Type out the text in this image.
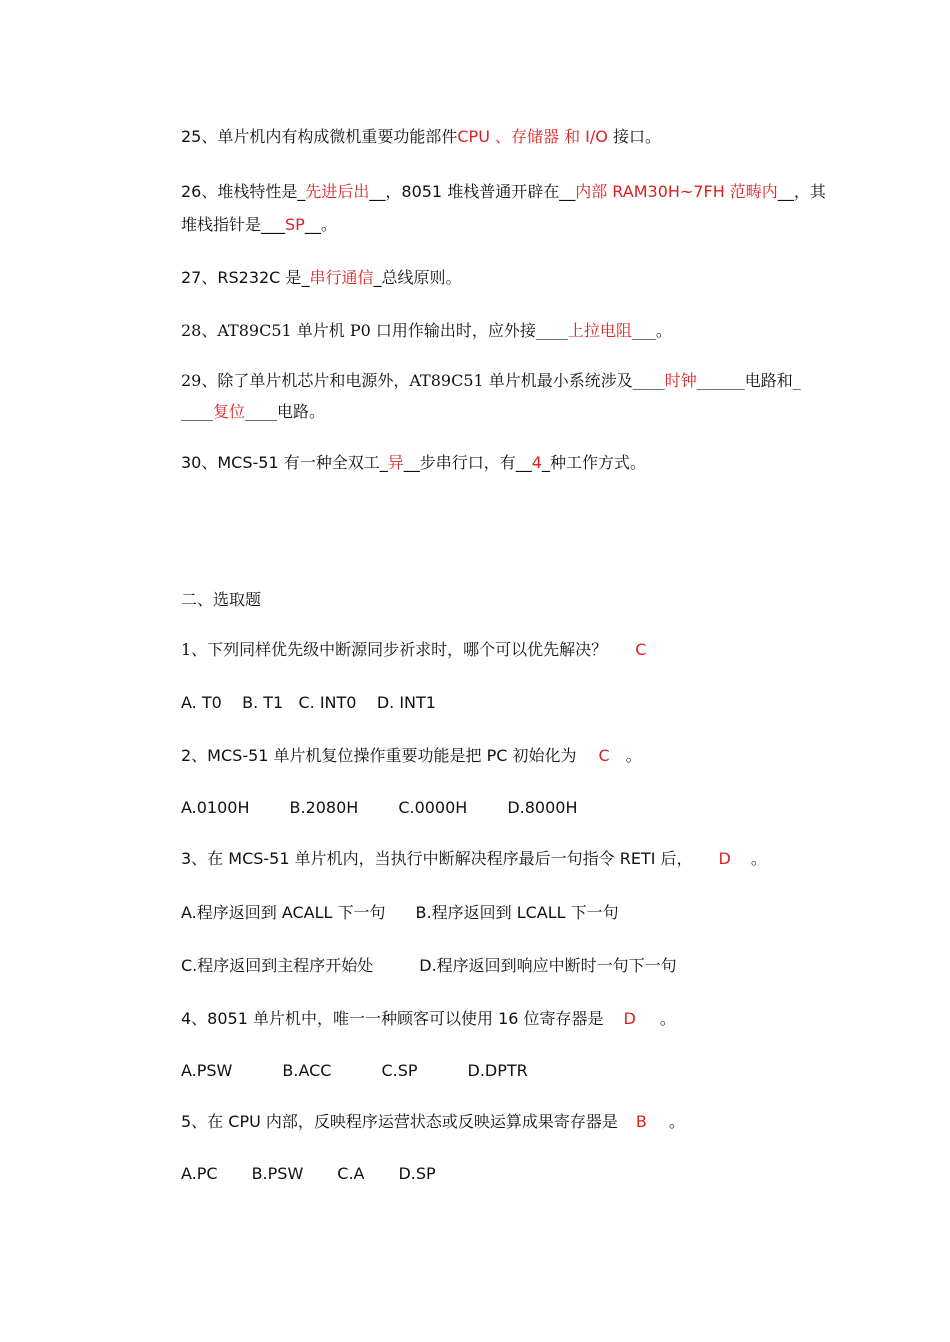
25、单片机内有构成微机重要功能部件CPU 、存储器 和 I/O 接口。
26、堆栈特性是_先进后出__，8051 堆栈普通开辟在__内部 RAM30H~7FH 范畴内__，其
堆栈指针是___SP__。
27、RS232C 是_串行通信_总线原则。
28、AT89C51 单片机 P0 口用作输出时，应外接____上拉电阻___。
29、除了单片机芯片和电源外，AT89C51 单片机最小系统涉及____时钟______电路和_
____复位____电路。
30、MCS-51 有一种全双工_异__步串行口，有__4_种工作方式。
二、选取题
1、下列同样优先级中断源同步祈求时，哪个可以优先解决？ C
A. T0    B. T1   C. INT0    D. INT1
2、MCS-51 单片机复位操作重要功能是把 PC 初始化为 C 。
A.0100H	B.2080H	C.0000H	D.8000H
3、在 MCS-51 单片机内，当执行中断解决程序最后一句指令 RETI 后， D 。
A.程序返回到 ACALL 下一句 B.程序返回到 LCALL 下一句
C.程序返回到主程序开始处	D.程序返回到响应中断时一句下一句
4、8051 单片机中，唯一一种顾客可以使用 16 位寄存器是 D 。
A.PSW	B.ACC	C.SP	D.DPTR
5、在 CPU 内部，反映程序运营状态或反映运算成果寄存器是 B 。
A.PC B.PSW C.A D.SP
